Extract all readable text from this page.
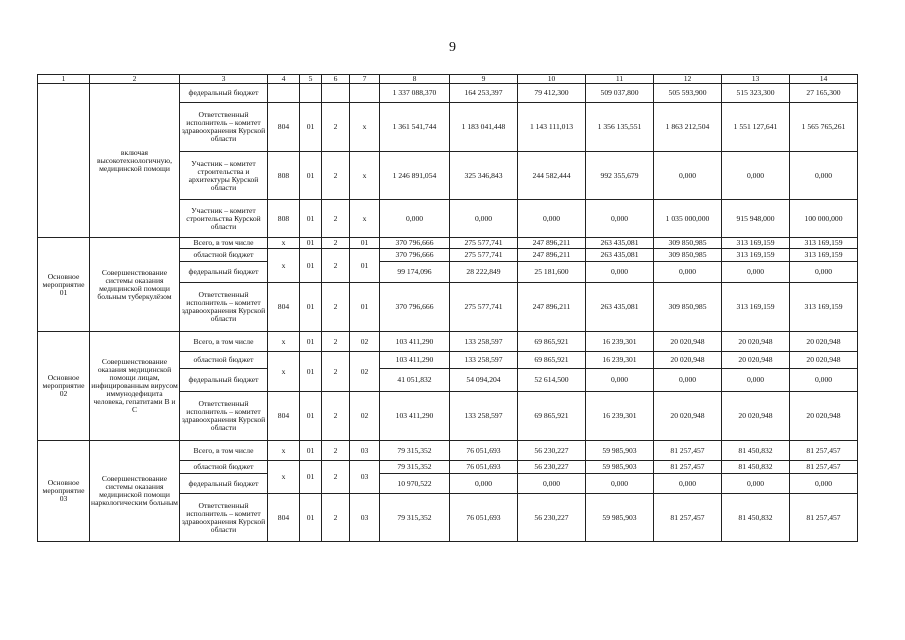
9
1	2	3	4	5	6	7	8	9	10	11	12	13	14
	включая высокотехнологичную, медицинской помощи	федеральный бюджет					1 337 088,370	164 253,397	79 412,300	509 037,800	505 593,900	515 323,300	27 165,300
		Ответственный исполнитель – комитет здравоохранения Курской области	804	01	2	х	1 361 541,744	1 183 041,448	1 143 111,013	1 356 135,551	1 863 212,504	1 551 127,641	1 565 765,261
		Участник – комитет строительства и архитектуры Курской области	808	01	2	х	1 246 891,054	325 346,843	244 582,444	992 355,679	0,000	0,000	0,000
		Участник – комитет строительства Курской области	808	01	2	х	0,000	0,000	0,000	0,000	1 035 000,000	915 948,000	100 000,000
Основное мероприятие 01	Совершенствование системы оказания медицинской помощи больным туберкулёзом	Всего, в том числе	х	01	2	01	370 796,666	275 577,741	247 896,211	263 435,081	309 850,985	313 169,159	313 169,159
		областной бюджет	х	01	2	01	370 796,666	275 577,741	247 896,211	263 435,081	309 850,985	313 169,159	313 169,159
		федеральный бюджет					99 174,096	28 222,849	25 181,600	0,000	0,000	0,000	0,000
		Ответственный исполнитель – комитет здравоохранения Курской области	804	01	2	01	370 796,666	275 577,741	247 896,211	263 435,081	309 850,985	313 169,159	313 169,159
Основное мероприятие 02	Совершенствование оказания медицинской помощи лицам, инфицированным вирусом иммунодефицита человека, гепатитами В и С	Всего, в том числе	х	01	2	02	103 411,290	133 258,597	69 865,921	16 239,301	20 020,948	20 020,948	20 020,948
		областной бюджет	х	01	2	02	103 411,290	133 258,597	69 865,921	16 239,301	20 020,948	20 020,948	20 020,948
		федеральный бюджет					41 051,832	54 094,204	52 614,500	0,000	0,000	0,000	0,000
		Ответственный исполнитель – комитет здравоохранения Курской области	804	01	2	02	103 411,290	133 258,597	69 865,921	16 239,301	20 020,948	20 020,948	20 020,948
Основное мероприятие 03	Совершенствование системы оказания медицинской помощи наркологическим больным	Всего, в том числе	х	01	2	03	79 315,352	76 051,693	56 230,227	59 985,903	81 257,457	81 450,832	81 257,457
		областной бюджет	х	01	2	03	79 315,352	76 051,693	56 230,227	59 985,903	81 257,457	81 450,832	81 257,457
		федеральный бюджет					10 970,522	0,000	0,000	0,000	0,000	0,000	0,000
		Ответственный исполнитель – комитет здравоохранения Курской области	804	01	2	03	79 315,352	76 051,693	56 230,227	59 985,903	81 257,457	81 450,832	81 257,457
